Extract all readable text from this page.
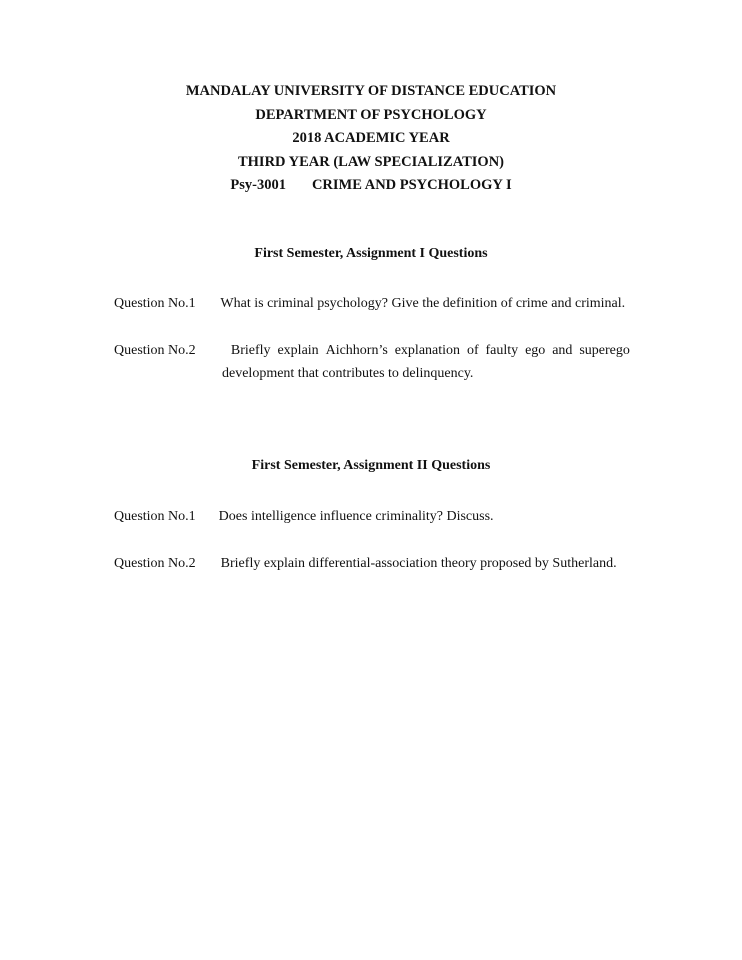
MANDALAY UNIVERSITY OF DISTANCE EDUCATION
DEPARTMENT OF PSYCHOLOGY
2018 ACADEMIC YEAR
THIRD YEAR (LAW SPECIALIZATION)
Psy-3001 CRIME AND PSYCHOLOGY I
First Semester, Assignment I Questions
Question No.1 What is criminal psychology? Give the definition of crime and criminal.
Question No.2	Briefly explain Aichhorn’s explanation of faulty ego and superego
development that contributes to delinquency.
First Semester, Assignment II Questions
Question No.1 Does intelligence influence criminality? Discuss.
Question No.2 Briefly explain differential-association theory proposed by Sutherland.
